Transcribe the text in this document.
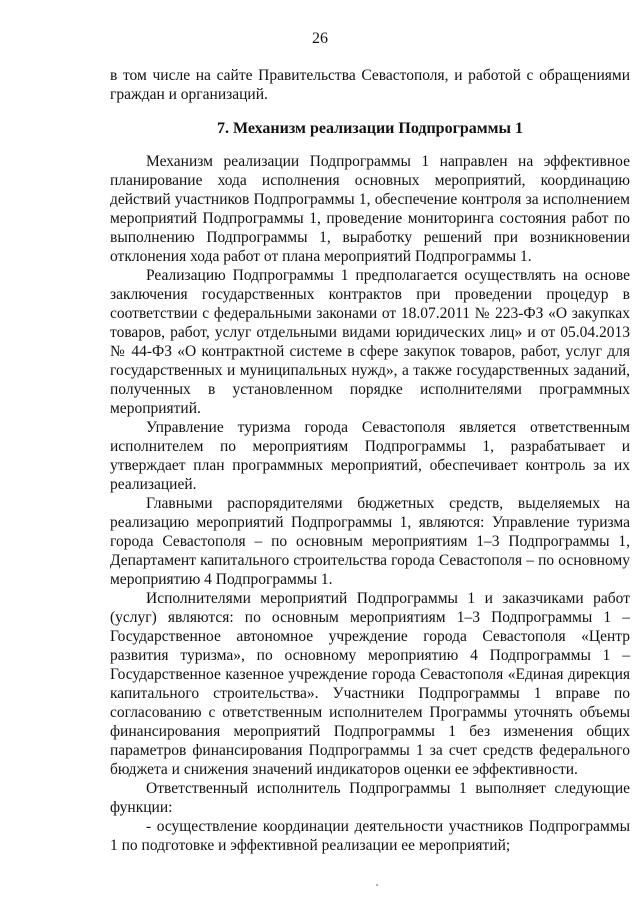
26
в том числе на сайте Правительства Севастополя, и работой с обращениями граждан и организаций.
7. Механизм реализации Подпрограммы 1

Механизм реализации Подпрограммы 1 направлен на эффективное планирование хода исполнения основных мероприятий, координацию действий участников Подпрограммы 1, обеспечение контроля за исполнением мероприятий Подпрограммы 1, проведение мониторинга состояния работ по выполнению Подпрограммы 1, выработку решений при возникновении отклонения хода работ от плана мероприятий Подпрограммы 1.

Реализацию Подпрограммы 1 предполагается осуществлять на основе заключения государственных контрактов при проведении процедур в соответствии с федеральными законами от 18.07.2011 № 223-ФЗ «О закупках товаров, работ, услуг отдельными видами юридических лиц» и от 05.04.2013 № 44-ФЗ «О контрактной системе в сфере закупок товаров, работ, услуг для государственных и муниципальных нужд», а также государственных заданий, полученных в установленном порядке исполнителями программных мероприятий.

Управление туризма города Севастополя является ответственным исполнителем по мероприятиям Подпрограммы 1, разрабатывает и утверждает план программных мероприятий, обеспечивает контроль за их реализацией.

Главными распорядителями бюджетных средств, выделяемых на реализацию мероприятий Подпрограммы 1, являются: Управление туризма города Севастополя – по основным мероприятиям 1–3 Подпрограммы 1, Департамент капитального строительства города Севастополя – по основному мероприятию 4 Подпрограммы 1.

Исполнителями мероприятий Подпрограммы 1 и заказчиками работ (услуг) являются: по основным мероприятиям 1–3 Подпрограммы 1 – Государственное автономное учреждение города Севастополя «Центр развития туризма», по основному мероприятию 4 Подпрограммы 1 – Государственное казенное учреждение города Севастополя «Единая дирекция капитального строительства». Участники Подпрограммы 1 вправе по согласованию с ответственным исполнителем Программы уточнять объемы финансирования мероприятий Подпрограммы 1 без изменения общих параметров финансирования Подпрограммы 1 за счет средств федерального бюджета и снижения значений индикаторов оценки ее эффективности.

Ответственный исполнитель Подпрограммы 1 выполняет следующие функции:

- осуществление координации деятельности участников Подпрограммы 1 по подготовке и эффективной реализации ее мероприятий;
